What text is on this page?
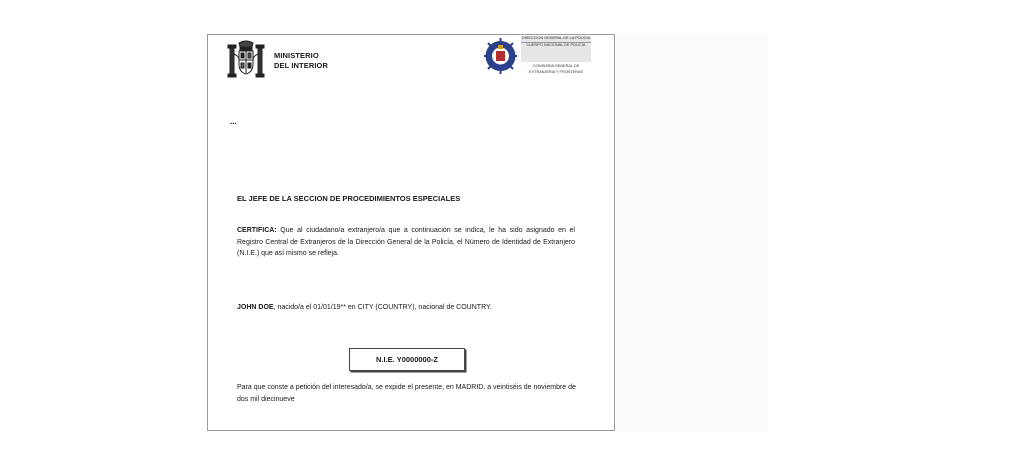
MINISTERIO
DEL INTERIOR
DIRECCION GENERAL DE LA POLICIA
CUERPO NACIONAL DE POLICIA
COMISARIA GENERAL DE EXTRANJERIA Y FRONTERAS
...
EL JEFE DE LA SECCION DE PROCEDIMIENTOS ESPECIALES
CERTIFICA: Que al ciudadano/a extranjero/a que a continuación se indica, le ha sido asignado en el Registro Central de Extranjeros de la Dirección General de la Policía, el Número de Identidad de Extranjero (N.I.E.) que así mismo se refleja.
JOHN DOE, nacido/a el 01/01/19** en CITY (COUNTRY), nacional de COUNTRY.
N.I.E. Y0000000-Z
Para que conste a petición del interesado/a, se expide el presente, en MADRID, a veintiséis de noviembre de dos mil diecinueve
